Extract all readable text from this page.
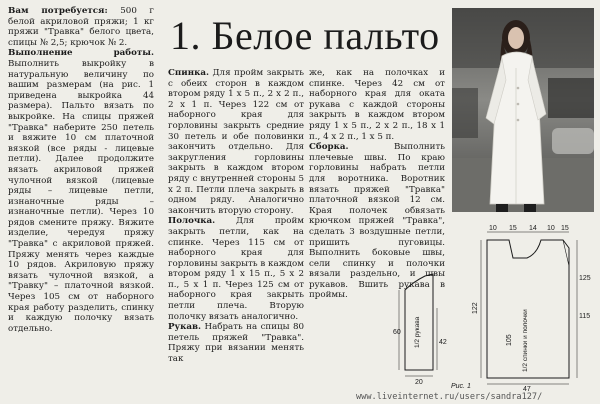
1. Белое пальто

Вам потребуется: 500 г белой акриловой пряжи; 1 кг пряжи "Травка" белого цвета, спицы № 2,5; крючок № 2.

Выполнение работы. Выполнить выкройку в натуральную величину по вашим размерам (на рис. 1 приведена выкройка 44 размера). Пальто вязать по выкройке. На спицы пряжей "Травка" наберите 250 петель и вяжите 10 см платочной вязкой (все ряды - лицевые петли). Далее продолжите вязать акриловой пряжей чулочной вязкой (лицевые ряды – лицевые петли, изнаночные ряды – изнаночные петли). Через 10 рядов смените пряжу. Вяжите изделие, чередуя пряжу "Травка" с акриловой пряжей. Пряжу менять через каждые 10 рядов. Акриловую пряжу вязать чулочной вязкой, а "Травку" – платочной вязкой. Через 105 см от наборного края работу разделить, спинку и каждую полочку вязать отдельно.

Спинка. Для пройм закрыть с обеих сторон в каждом втором ряду 1 х 5 п., 2 х 2 п., 2 х 1 п. Через 122 см от наборного края для горловины закрыть средние 30 петель и обе половинки закончить отдельно. Для закругления горловины закрыть в каждом втором ряду с внутренней стороны 5 х 2 п. Петли плеча закрыть в одном ряду. Аналогично закончить вторую сторону.

Полочка. Для пройм закрыть петли, как на спинке. Через 115 см от наборного края для горловины закрыть в каждом втором ряду 1 х 15 п., 5 х 2 п., 5 х 1 п. Через 125 см от наборного края закрыть петли плеча. Вторую полочку вязать аналогично.

Рукав. Набрать на спицы 80 петель пряжей "Травка". Пряжу при вязании менять так

же, как на полочках и спинке. Через 42 см от наборного края для оката рукава с каждой стороны закрыть в каждом втором ряду 1 х 5 п., 2 х 2 п., 18 х 1 п., 4 х 2 п., 1 х 5 п.

Сборка. Выполнить плечевые швы. По краю горловины набрать петли для воротника. Воротник вязать пряжей "Травка" платочной вязкой 12 см. Края полочек обвязать крючком пряжей "Травка", сделать 3 воздушные петли, пришить пуговицы. Выполнить боковые швы, сели спинку и полочки вязали раздельно, и швы рукавов. Вшить рукава в проймы.

60
42
1/2 рукава
20
10 15 14 10 15
122
125
115
105 1/2 спинки и полочки
47
Рис. 1
www.liveinternet.ru/users/sandra127/
